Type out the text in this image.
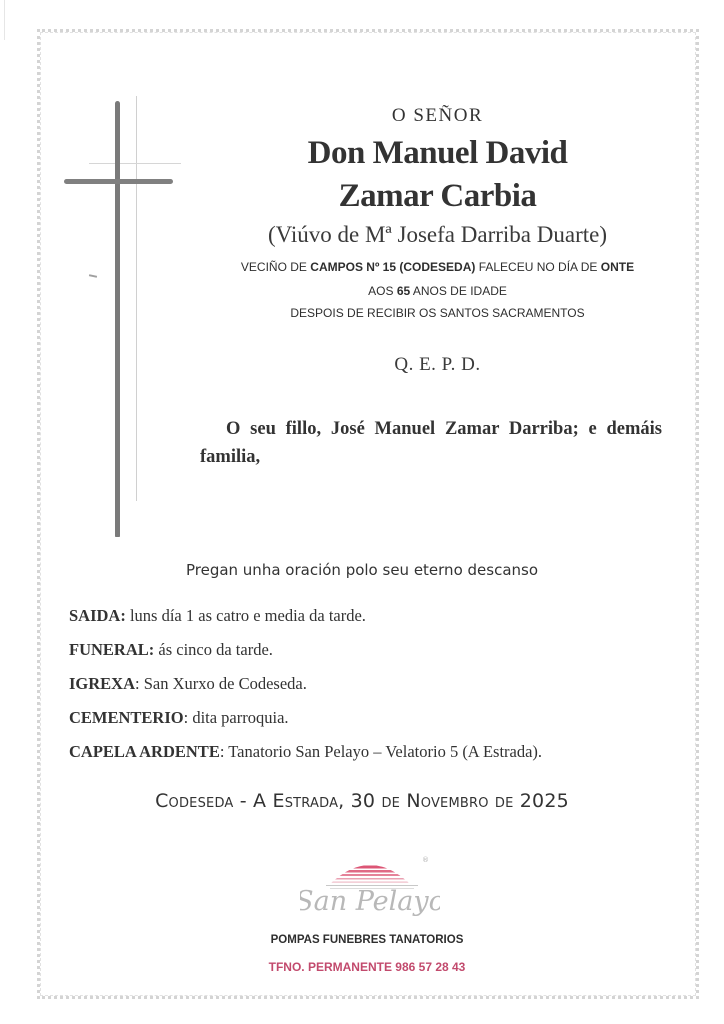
O SEÑOR
Don Manuel David
Zamar Carbia
(Viúvo de Mª Josefa Darriba Duarte)
VECIÑO DE CAMPOS Nº 15 (CODESEDA) FALECEU NO DÍA DE ONTE
AOS 65 ANOS DE IDADE
DESPOIS DE RECIBIR OS SANTOS SACRAMENTOS
Q. E. P. D.
O seu fillo, José Manuel Zamar Darriba; e demáis familia,
Pregan unha oración polo seu eterno descanso
SAIDA: luns día 1 as catro e media da tarde.
FUNERAL: ás cinco da tarde.
IGREXA: San Xurxo de Codeseda.
CEMENTERIO: dita parroquia.
CAPELA ARDENTE: Tanatorio San Pelayo – Velatorio 5 (A Estrada).
Codeseda - A Estrada, 30 de Novembro de 2025
®
San Pelayo
POMPAS FUNEBRES TANATORIOS
TFNO. PERMANENTE 986 57 28 43
